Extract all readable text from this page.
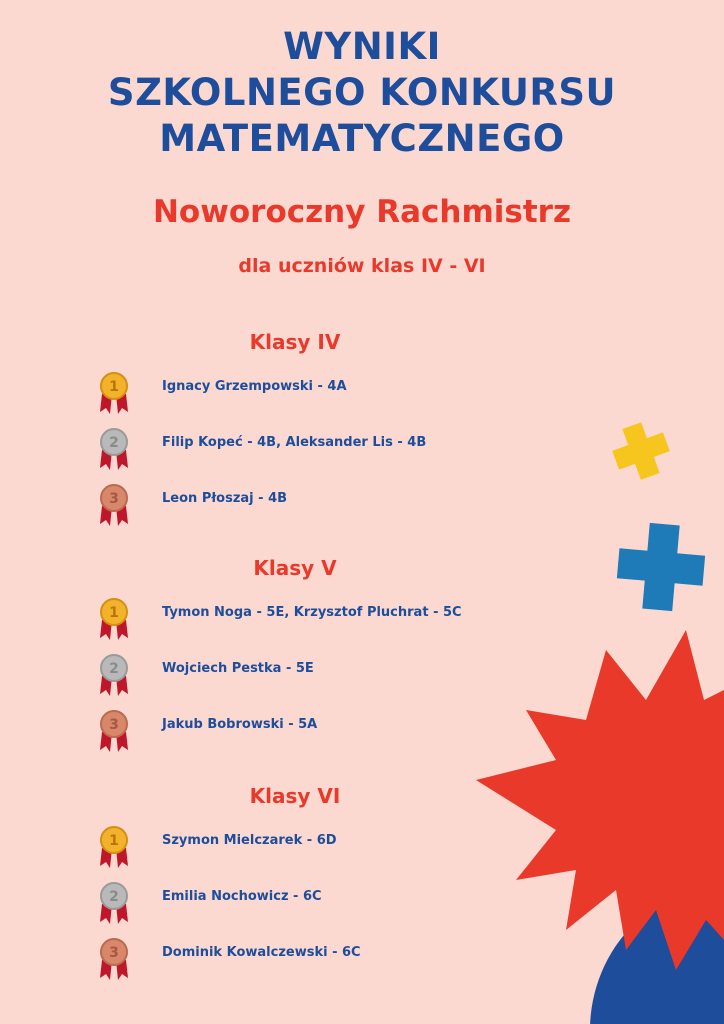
WYNIKI
SZKOLNEGO KONKURSU
MATEMATYCZNEGO
Noworoczny Rachmistrz
dla uczniów klas IV - VI
Klasy IV
1	Ignacy Grzempowski - 4A
2	Filip Kopeć - 4B, Aleksander Lis - 4B
3	Leon Płoszaj - 4B
Klasy V
1	Tymon Noga - 5E, Krzysztof Pluchrat - 5C
2	Wojciech Pestka - 5E
3	Jakub Bobrowski - 5A
Klasy VI
1	Szymon Mielczarek - 6D
2	Emilia Nochowicz - 6C
3	Dominik Kowalczewski - 6C
